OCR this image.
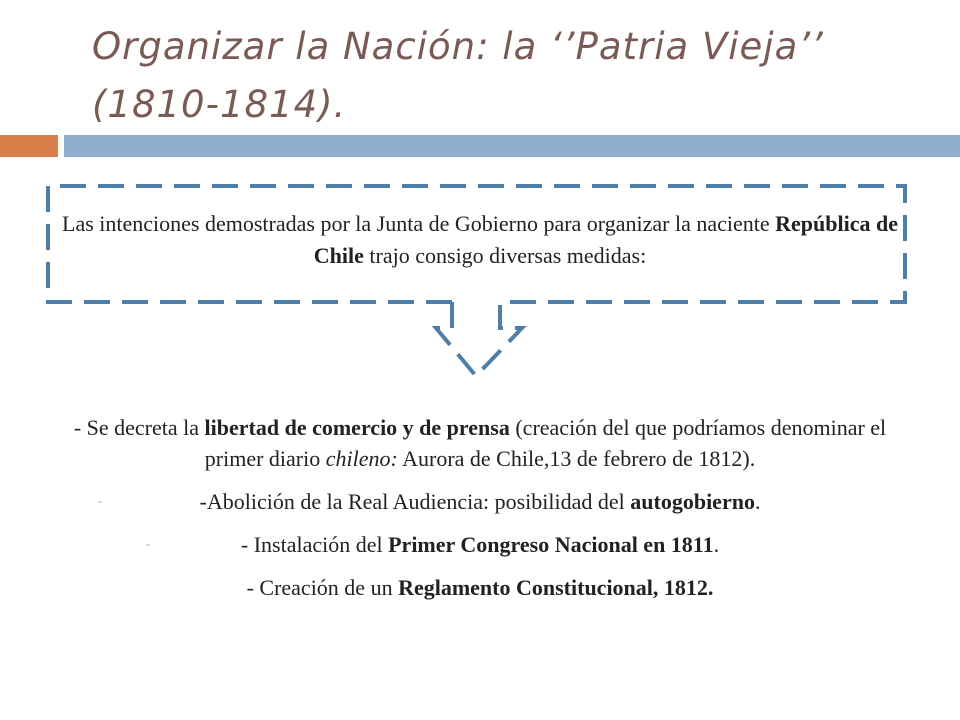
Organizar la Nación: la ‘’Patria Vieja’’
(1810-1814).
Las intenciones demostradas por la Junta de Gobierno para organizar la naciente República de Chile trajo consigo diversas medidas:

- Se decreta la libertad de comercio y de prensa (creación del que podríamos denominar el primer diario chileno: Aurora de Chile,13 de febrero de 1812).

-	-Abolición de la Real Audiencia: posibilidad del autogobierno.

-	- Instalación del Primer Congreso Nacional en 1811.

- Creación de un Reglamento Constitucional, 1812.
